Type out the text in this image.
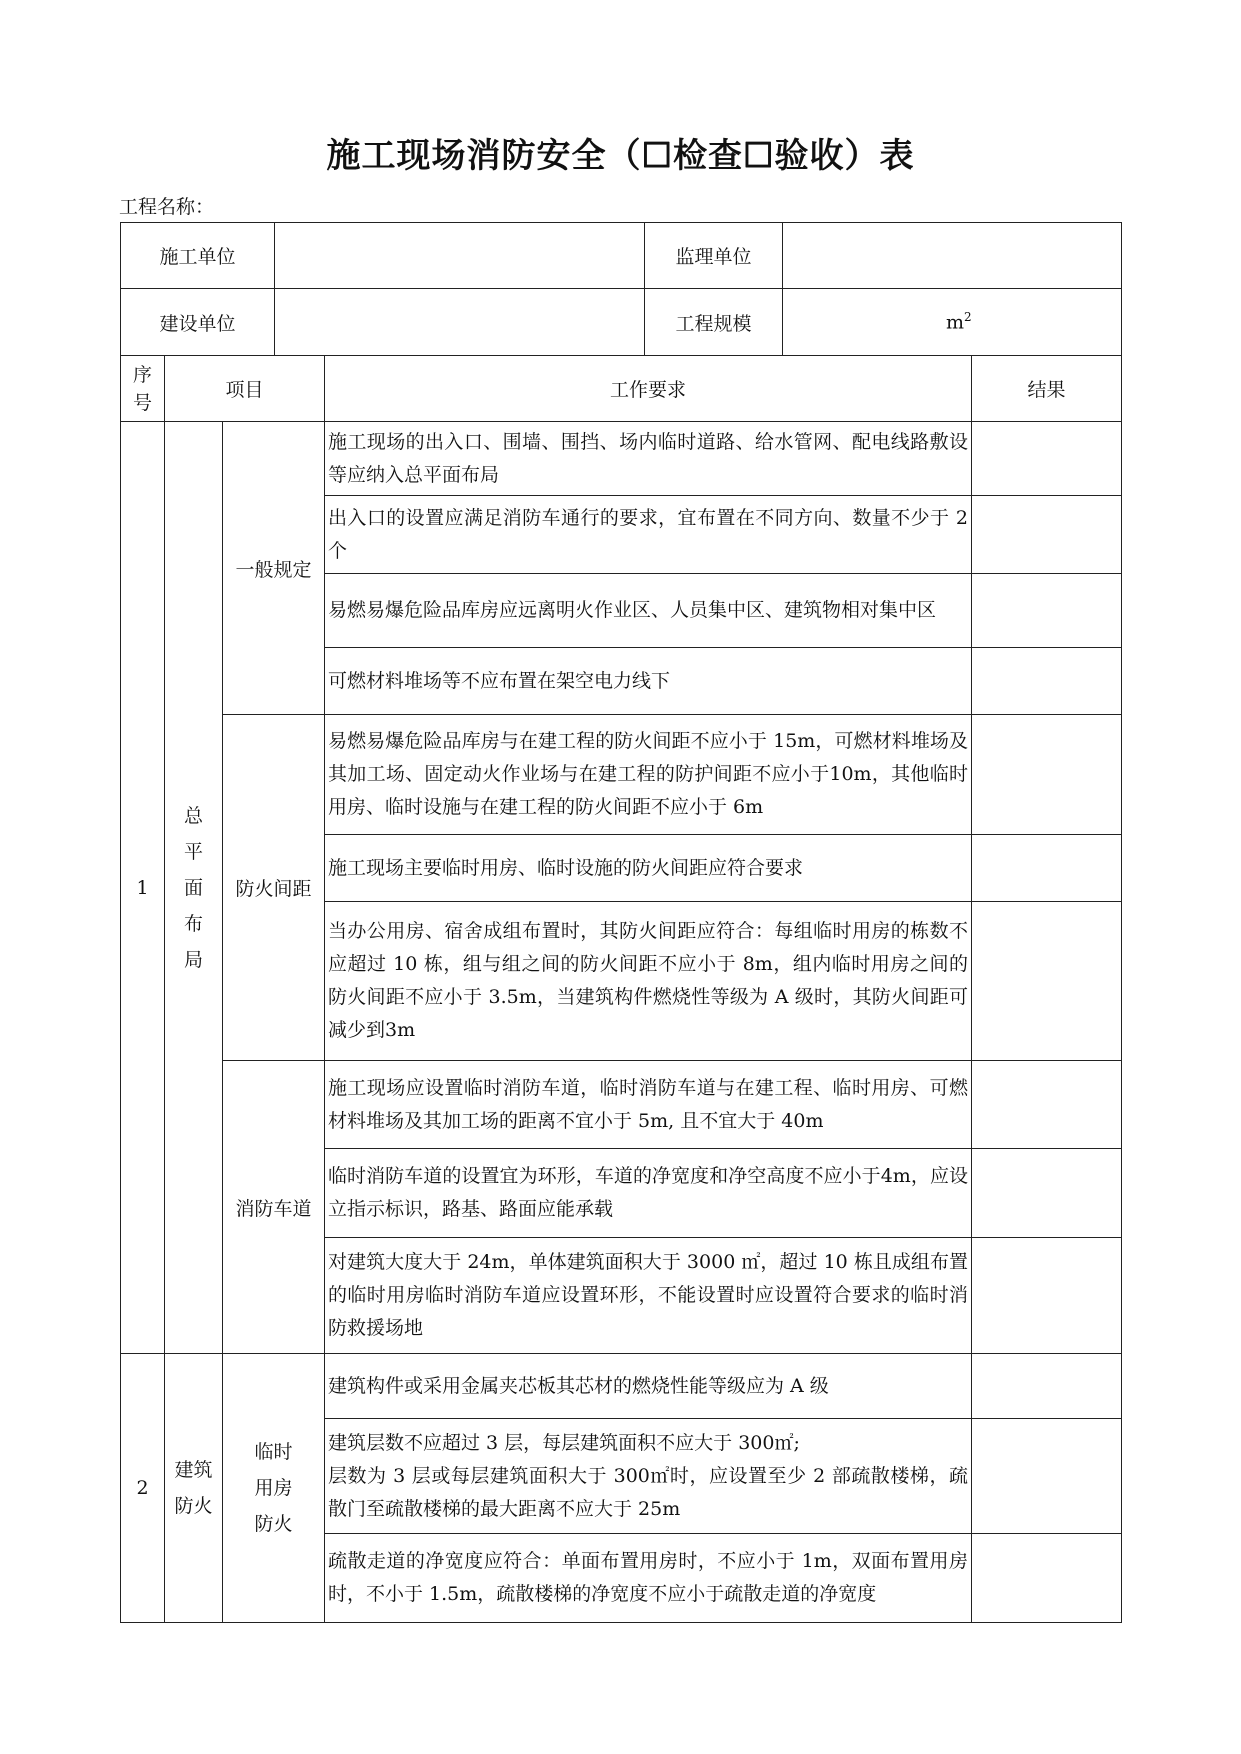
施工现场消防安全（☐检查☐验收）表
工程名称：
施工单位		监理单位	
建设单位		工程规模		$m^2$
序号	项目		工作要求	结果
1	总平面布局	一般规定	施工现场的出入口、围墙、围挡、场内临时道路、给水管网、配电线路敷设等应纳入总平面布局	
			出入口的设置应满足消防车通行的要求，宜布置在不同方向、数量不少于 2 个	
			易燃易爆危险品库房应远离明火作业区、人员集中区、建筑物相对集中区	
			可燃材料堆场等不应布置在架空电力线下	
		防火间距	易燃易爆危险品库房与在建工程的防火间距不应小于 15m，可燃材料堆场及其加工场、固定动火作业场与在建工程的防护间距不应小于10m，其他临时用房、临时设施与在建工程的防火间距不应小于 6m	
			施工现场主要临时用房、临时设施的防火间距应符合要求	
			当办公用房、宿舍成组布置时，其防火间距应符合：每组临时用房的栋数不应超过 10 栋，组与组之间的防火间距不应小于 8m，组内临时用房之间的防火间距不应小于 3.5m，当建筑构件燃烧性等级为 A 级时，其防火间距可减少到3m	
		消防车道	施工现场应设置临时消防车道，临时消防车道与在建工程、临时用房、可燃材料堆场及其加工场的距离不宜小于 5m, 且不宜大于 40m	
			临时消防车道的设置宜为环形，车道的净宽度和净空高度不应小于4m，应设立指示标识，路基、路面应能承载	
			对建筑大度大于 24m，单体建筑面积大于 3000 ㎡，超过 10 栋且成组布置的临时用房临时消防车道应设置环形，不能设置时应设置符合要求的临时消防救援场地	
2	建筑防火	临时用房防火	建筑构件或采用金属夹芯板其芯材的燃烧性能等级应为 A 级	
			建筑层数不应超过 3 层，每层建筑面积不应大于 300㎡;
层数为 3 层或每层建筑面积大于 300㎡时，应设置至少 2 部疏散楼梯，疏散门至疏散楼梯的最大距离不应大于 25m	
			疏散走道的净宽度应符合：单面布置用房时，不应小于 1m，双面布置用房时，不小于 1.5m，疏散楼梯的净宽度不应小于疏散走道的净宽度	
